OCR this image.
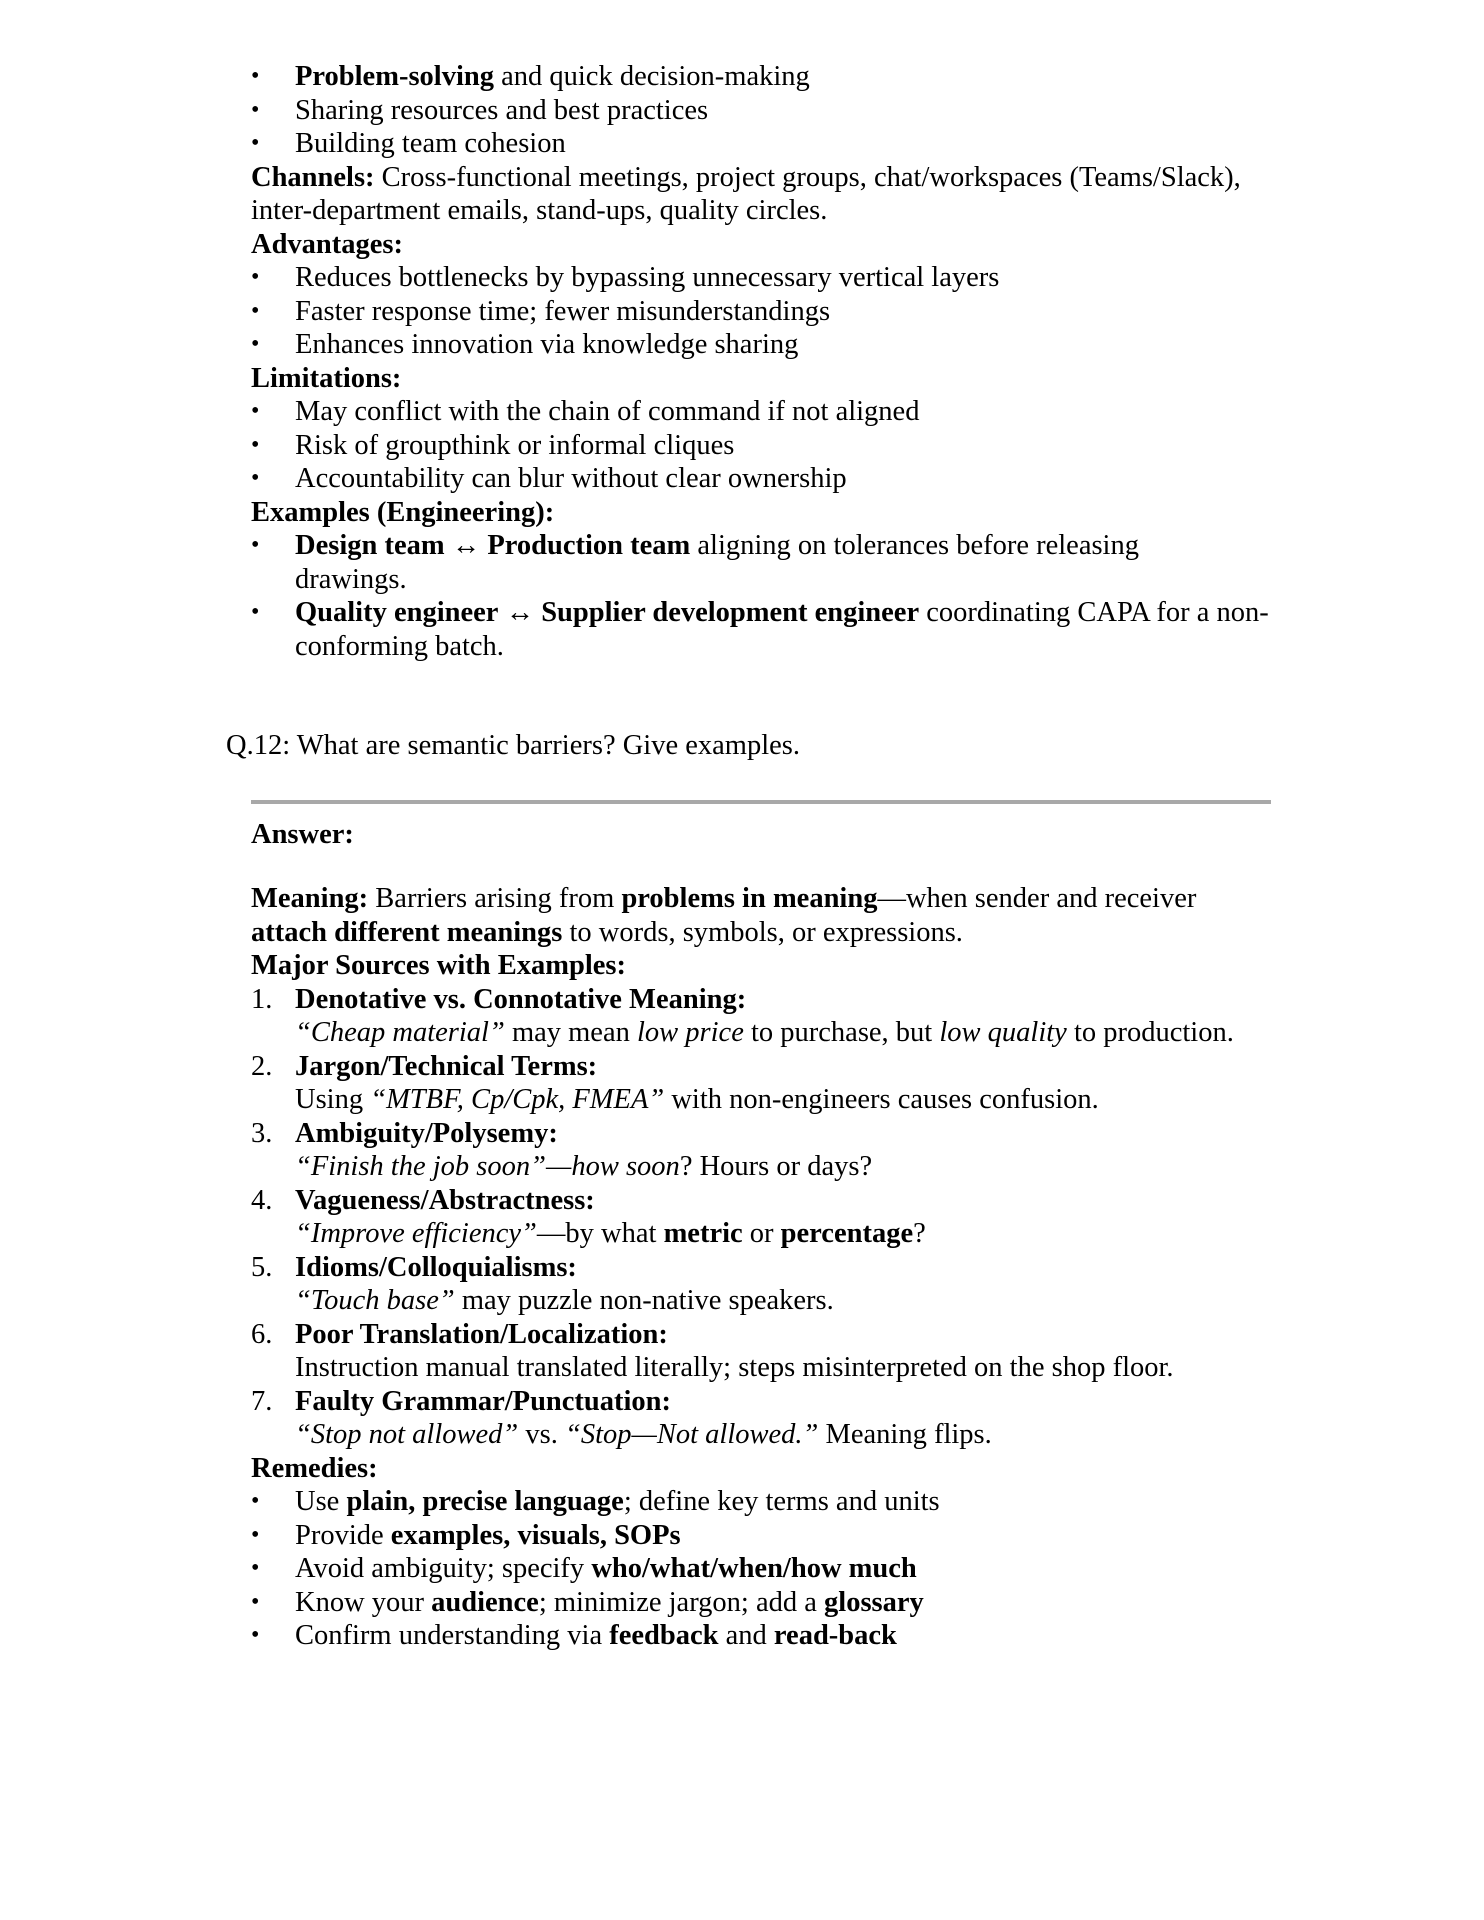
• Problem-solving and quick decision-making
• Sharing resources and best practices
• Building team cohesion
Channels: Cross-functional meetings, project groups, chat/workspaces (Teams/Slack), inter-department emails, stand-ups, quality circles.
Advantages:
• Reduces bottlenecks by bypassing unnecessary vertical layers
• Faster response time; fewer misunderstandings
• Enhances innovation via knowledge sharing
Limitations:
• May conflict with the chain of command if not aligned
• Risk of groupthink or informal cliques
• Accountability can blur without clear ownership
Examples (Engineering):
• Design team ↔ Production team aligning on tolerances before releasing drawings.
• Quality engineer ↔ Supplier development engineer coordinating CAPA for a non-conforming batch.
Q.12: What are semantic barriers? Give examples.
Answer:
Meaning: Barriers arising from problems in meaning—when sender and receiver
attach different meanings to words, symbols, or expressions.
Major Sources with Examples:
1. Denotative vs. Connotative Meaning:
“Cheap material” may mean low price to purchase, but low quality to production.
2. Jargon/Technical Terms:
Using “MTBF, Cp/Cpk, FMEA” with non-engineers causes confusion.
3. Ambiguity/Polysemy:
“Finish the job soon”—how soon? Hours or days?
4. Vagueness/Abstractness:
“Improve efficiency”—by what metric or percentage?
5. Idioms/Colloquialisms:
“Touch base” may puzzle non-native speakers.
6. Poor Translation/Localization:
Instruction manual translated literally; steps misinterpreted on the shop floor.
7. Faulty Grammar/Punctuation:
“Stop not allowed” vs. “Stop—Not allowed.” Meaning flips.
Remedies:
• Use plain, precise language; define key terms and units
• Provide examples, visuals, SOPs
• Avoid ambiguity; specify who/what/when/how much
• Know your audience; minimize jargon; add a glossary
• Confirm understanding via feedback and read-back
